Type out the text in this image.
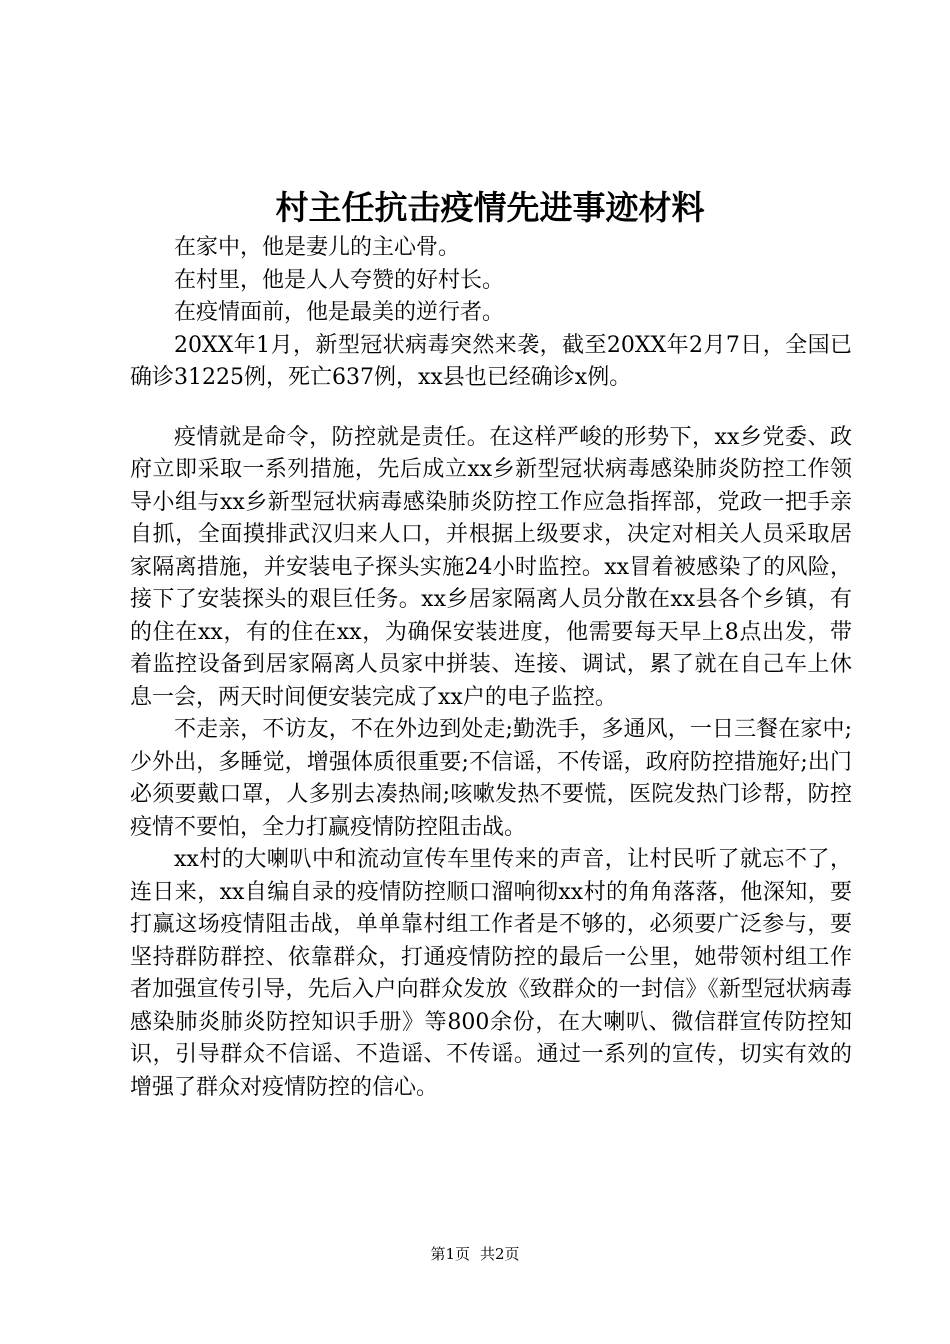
村主任抗击疫情先进事迹材料

在家中，他是妻儿的主心骨。

在村里，他是人人夸赞的好村长。

在疫情面前，他是最美的逆行者。

20XX年1月，新型冠状病毒突然来袭，截至20XX年2月7日，全国已确诊31225例，死亡637例，xx县也已经确诊x例。

疫情就是命令，防控就是责任。在这样严峻的形势下，xx乡党委、政府立即采取一系列措施，先后成立xx乡新型冠状病毒感染肺炎防控工作领导小组与xx乡新型冠状病毒感染肺炎防控工作应急指挥部，党政一把手亲自抓，全面摸排武汉归来人口，并根据上级要求，决定对相关人员采取居家隔离措施，并安装电子探头实施24小时监控。xx冒着被感染了的风险，接下了安装探头的艰巨任务。xx乡居家隔离人员分散在xx县各个乡镇，有的住在xx，有的住在xx，为确保安装进度，他需要每天早上8点出发，带着监控设备到居家隔离人员家中拼装、连接、调试，累了就在自己车上休息一会，两天时间便安装完成了xx户的电子监控。

不走亲，不访友，不在外边到处走;勤洗手，多通风，一日三餐在家中;少外出，多睡觉，增强体质很重要;不信谣，不传谣，政府防控措施好;出门必须要戴口罩，人多别去凑热闹;咳嗽发热不要慌，医院发热门诊帮，防控疫情不要怕，全力打赢疫情防控阻击战。

xx村的大喇叭中和流动宣传车里传来的声音，让村民听了就忘不了，连日来，xx自编自录的疫情防控顺口溜响彻xx村的角角落落，他深知，要打赢这场疫情阻击战，单单靠村组工作者是不够的，必须要广泛参与，要坚持群防群控、依靠群众，打通疫情防控的最后一公里，她带领村组工作者加强宣传引导，先后入户向群众发放《致群众的一封信》《新型冠状病毒感染肺炎肺炎防控知识手册》等800余份，在大喇叭、微信群宣传防控知识，引导群众不信谣、不造谣、不传谣。通过一系列的宣传，切实有效的增强了群众对疫情防控的信心。

第1页 共2页
